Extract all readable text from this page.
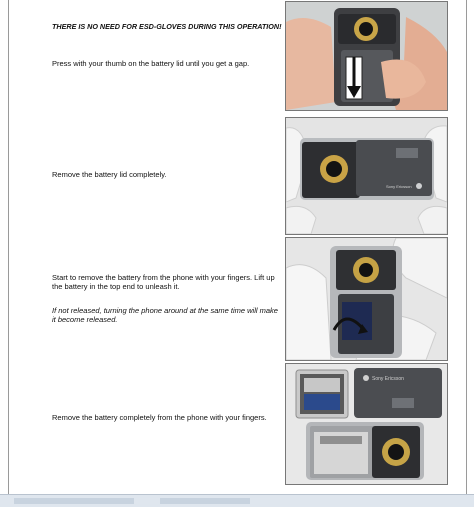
THERE IS NO NEED FOR ESD-GLOVES DURING THIS OPERATION!
Press with your thumb on the battery lid until you get a gap.
Remove the battery lid completely.
Sony Ericsson
Start to remove the battery from the phone with your fingers. Lift up the battery in the top end to unleash it.
If not released, turning the phone around at the same time will make it become released.
Remove the battery completely from the phone with your fingers.
Sony Ericsson
